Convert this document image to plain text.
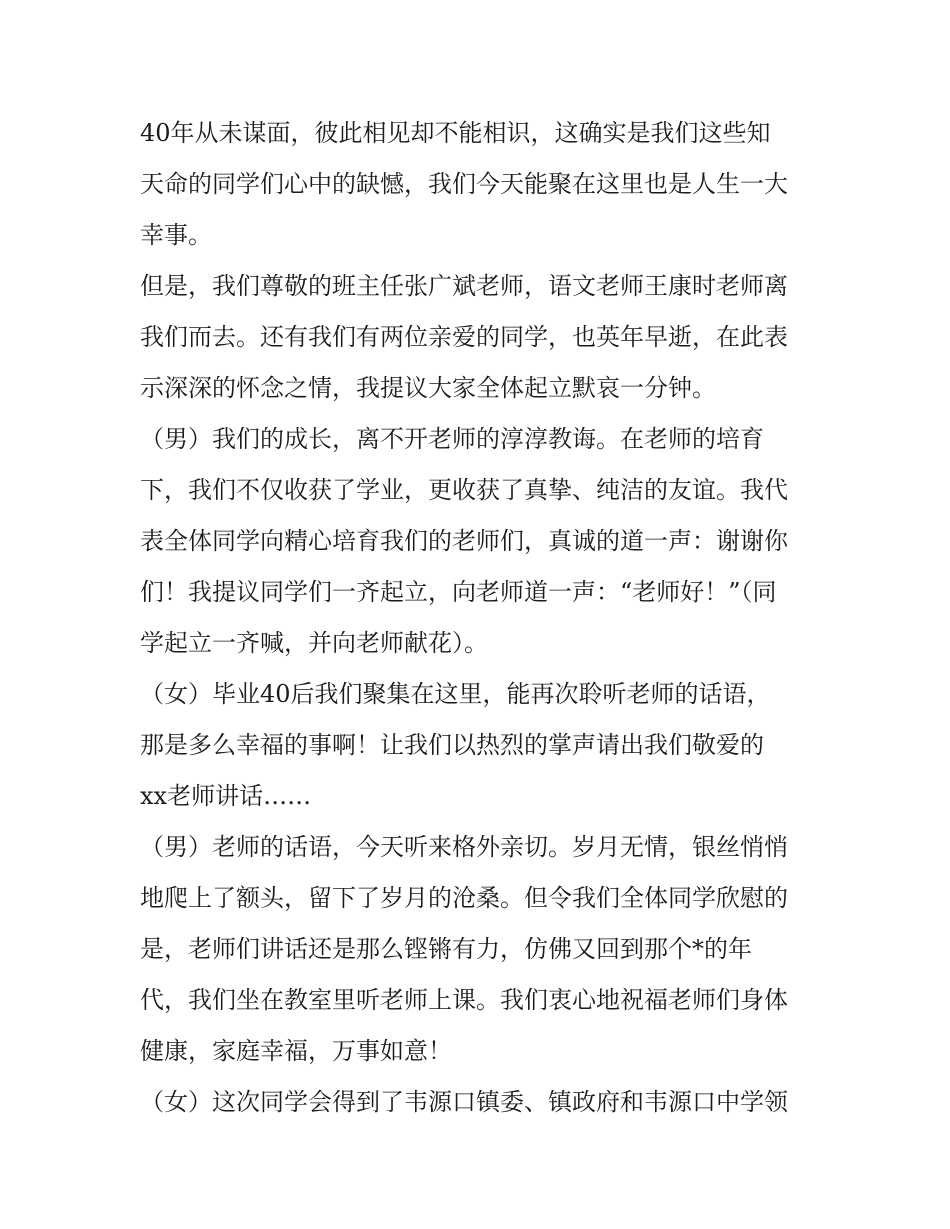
40年从未谋面，彼此相见却不能相识，这确实是我们这些知
天命的同学们心中的缺憾，我们今天能聚在这里也是人生一大
幸事。
但是，我们尊敬的班主任张广斌老师，语文老师王康时老师离
我们而去。还有我们有两位亲爱的同学，也英年早逝，在此表
示深深的怀念之情，我提议大家全体起立默哀一分钟。
（男）我们的成长，离不开老师的淳淳教诲。在老师的培育
下，我们不仅收获了学业，更收获了真挚、纯洁的友谊。我代
表全体同学向精心培育我们的老师们，真诚的道一声：谢谢你
们！我提议同学们一齐起立，向老师道一声：“老师好！”（同
学起立一齐喊，并向老师献花）。
（女）毕业40后我们聚集在这里，能再次聆听老师的话语，
那是多么幸福的事啊！让我们以热烈的掌声请出我们敬爱的
xx老师讲话……
（男）老师的话语，今天听来格外亲切。岁月无情，银丝悄悄
地爬上了额头，留下了岁月的沧桑。但令我们全体同学欣慰的
是，老师们讲话还是那么铿锵有力，仿佛又回到那个*的年
代，我们坐在教室里听老师上课。我们衷心地祝福老师们身体
健康，家庭幸福，万事如意！
（女）这次同学会得到了韦源口镇委、镇政府和韦源口中学领
